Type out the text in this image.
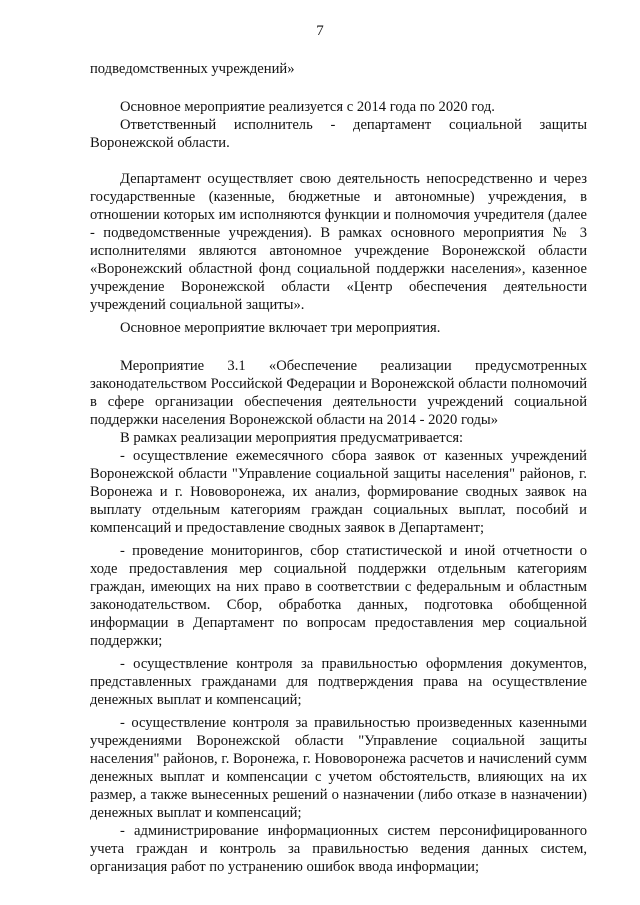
7

подведомственных учреждений»

Основное мероприятие реализуется с 2014 года по 2020 год.

Ответственный исполнитель - департамент социальной защиты Воронежской области.

Департамент осуществляет свою деятельность непосредственно и через государственные (казенные, бюджетные и автономные) учреждения, в отношении которых им исполняются функции и полномочия учредителя (далее - подведомственные учреждения). В рамках основного мероприятия № 3 исполнителями являются автономное учреждение Воронежской области «Воронежский областной фонд социальной поддержки населения», казенное учреждение Воронежской области «Центр обеспечения деятельности учреждений социальной защиты».

Основное мероприятие включает три мероприятия.

Мероприятие 3.1 «Обеспечение реализации предусмотренных законодательством Российской Федерации и Воронежской области полномочий в сфере организации обеспечения деятельности учреждений социальной поддержки населения Воронежской области на 2014 - 2020 годы»

В рамках реализации мероприятия предусматривается:

- осуществление ежемесячного сбора заявок от казенных учреждений Воронежской области "Управление социальной защиты населения" районов, г. Воронежа и г. Нововоронежа, их анализ, формирование сводных заявок на выплату отдельным категориям граждан социальных выплат, пособий и компенсаций и предоставление сводных заявок в Департамент;

- проведение мониторингов, сбор статистической и иной отчетности о ходе предоставления мер социальной поддержки отдельным категориям граждан, имеющих на них право в соответствии с федеральным и областным законодательством. Сбор, обработка данных, подготовка обобщенной информации в Департамент по вопросам предоставления мер социальной поддержки;

- осуществление контроля за правильностью оформления документов, представленных гражданами для подтверждения права на осуществление денежных выплат и компенсаций;

- осуществление контроля за правильностью произведенных казенными учреждениями Воронежской области "Управление социальной защиты населения" районов, г. Воронежа, г. Нововоронежа расчетов и начислений сумм денежных выплат и компенсации с учетом обстоятельств, влияющих на их размер, а также вынесенных решений о назначении (либо отказе в назначении) денежных выплат и компенсаций;

- администрирование информационных систем персонифицированного учета граждан и контроль за правильностью ведения данных систем, организация работ по устранению ошибок ввода информации;
